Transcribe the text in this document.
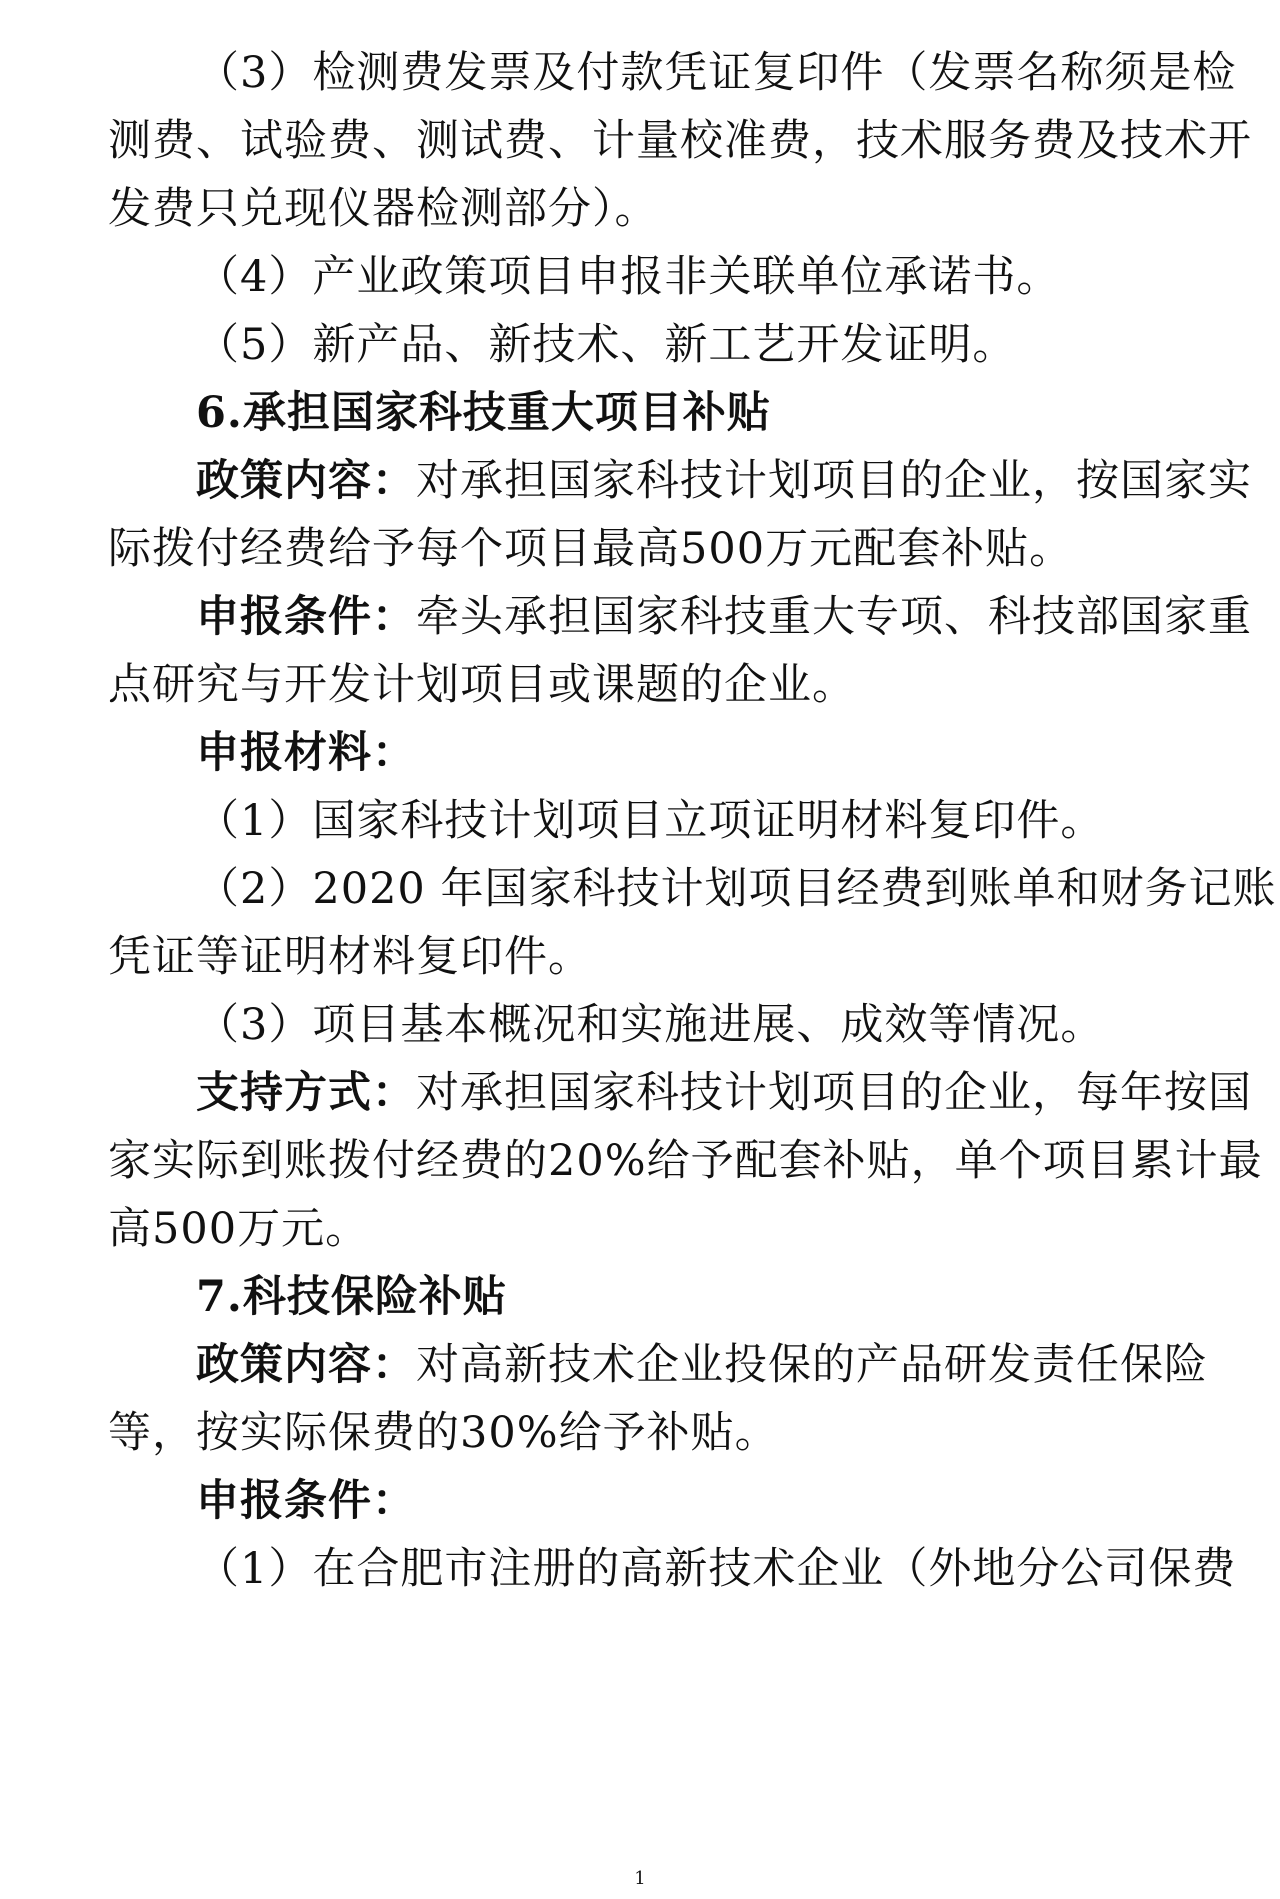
（3）检测费发票及付款凭证复印件（发票名称须是检
测费、试验费、测试费、计量校准费，技术服务费及技术开
发费只兑现仪器检测部分）。
（4）产业政策项目申报非关联单位承诺书。
（5）新产品、新技术、新工艺开发证明。
6.承担国家科技重大项目补贴
政策内容：对承担国家科技计划项目的企业，按国家实
际拨付经费给予每个项目最高500万元配套补贴。
申报条件：牵头承担国家科技重大专项、科技部国家重
点研究与开发计划项目或课题的企业。
申报材料：
（1）国家科技计划项目立项证明材料复印件。
（2）2020 年国家科技计划项目经费到账单和财务记账
凭证等证明材料复印件。
（3）项目基本概况和实施进展、成效等情况。
支持方式：对承担国家科技计划项目的企业，每年按国
家实际到账拨付经费的20%给予配套补贴，单个项目累计最
高500万元。
7.科技保险补贴
政策内容：对高新技术企业投保的产品研发责任保险
等，按实际保费的30%给予补贴。
申报条件：
（1）在合肥市注册的高新技术企业（外地分公司保费
1
